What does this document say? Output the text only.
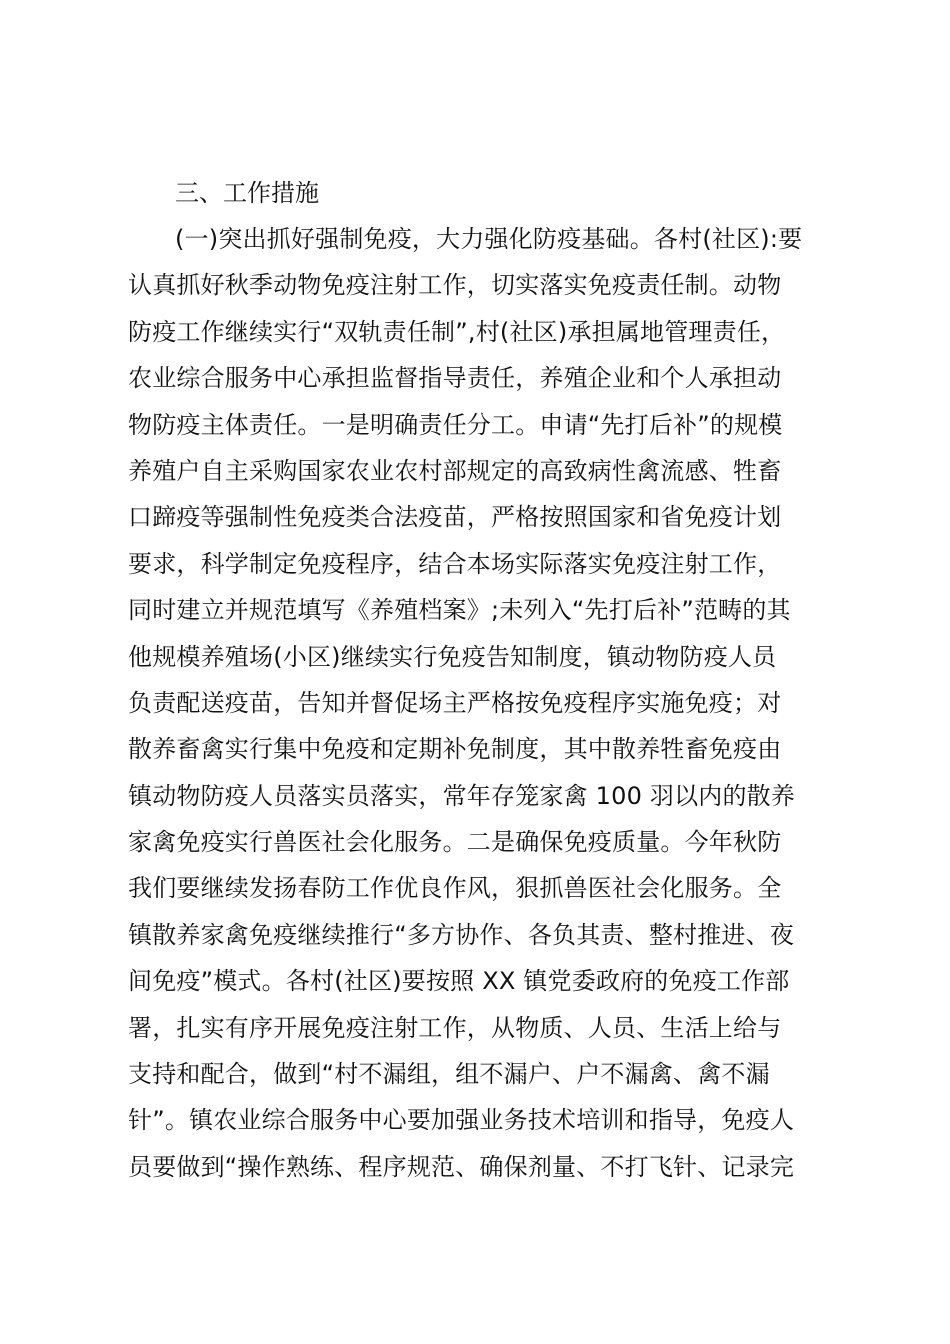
三、工作措施
(一)突出抓好强制免疫，大力强化防疫基础。各村(社区):要
认真抓好秋季动物免疫注射工作，切实落实免疫责任制。动物
防疫工作继续实行“双轨责任制”,村(社区)承担属地管理责任，
农业综合服务中心承担监督指导责任，养殖企业和个人承担动
物防疫主体责任。一是明确责任分工。申请“先打后补”的规模
养殖户自主采购国家农业农村部规定的高致病性禽流感、牲畜
口蹄疫等强制性免疫类合法疫苗，严格按照国家和省免疫计划
要求，科学制定免疫程序，结合本场实际落实免疫注射工作，
同时建立并规范填写《养殖档案》;未列入“先打后补”范畴的其
他规模养殖场(小区)继续实行免疫告知制度，镇动物防疫人员
负责配送疫苗，告知并督促场主严格按免疫程序实施免疫；对
散养畜禽实行集中免疫和定期补免制度，其中散养牲畜免疫由
镇动物防疫人员落实员落实，常年存笼家禽 100 羽以内的散养
家禽免疫实行兽医社会化服务。二是确保免疫质量。今年秋防
我们要继续发扬春防工作优良作风，狠抓兽医社会化服务。全
镇散养家禽免疫继续推行“多方协作、各负其责、整村推进、夜
间免疫”模式。各村(社区)要按照 XX 镇党委政府的免疫工作部
署，扎实有序开展免疫注射工作，从物质、人员、生活上给与
支持和配合，做到“村不漏组，组不漏户、户不漏禽、禽不漏
针”。镇农业综合服务中心要加强业务技术培训和指导，免疫人
员要做到“操作熟练、程序规范、确保剂量、不打飞针、记录完
